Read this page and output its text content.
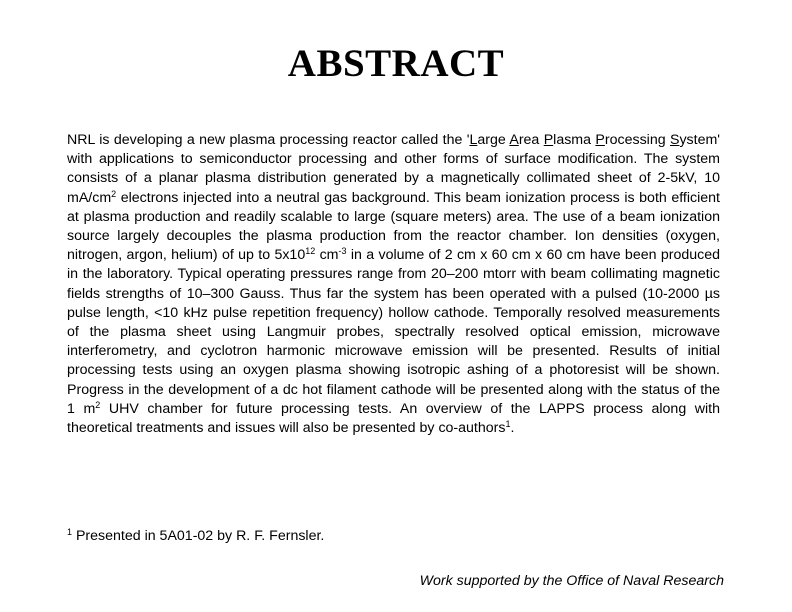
ABSTRACT
NRL is developing a new plasma processing reactor called the 'Large Area Plasma Processing System' with applications to semiconductor processing and other forms of surface modification. The system consists of a planar plasma distribution generated by a magnetically collimated sheet of 2-5kV, 10 $mA/cm^2$ electrons injected into a neutral gas background. This beam ionization process is both efficient at plasma production and readily scalable to large (square meters) area. The use of a beam ionization source largely decouples the plasma production from the reactor chamber. Ion densities (oxygen, nitrogen, argon, helium) of up to $5x10^{12}$ $cm^{-3}$ in a volume of 2 cm x 60 cm x 60 cm have been produced in the laboratory. Typical operating pressures range from 20–200 mtorr with beam collimating magnetic fields strengths of 10–300 Gauss. Thus far the system has been operated with a pulsed (10-2000 µs pulse length, <10 kHz pulse repetition frequency) hollow cathode. Temporally resolved measurements of the plasma sheet using Langmuir probes, spectrally resolved optical emission, microwave interferometry, and cyclotron harmonic microwave emission will be presented. Results of initial processing tests using an oxygen plasma showing isotropic ashing of a photoresist will be shown. Progress in the development of a dc hot filament cathode will be presented along with the status of the 1 $m^2$ UHV chamber for future processing tests. An overview of the LAPPS process along with theoretical treatments and issues will also be presented by co-authors$^1$.
$^1$ Presented in 5A01-02 by R. F. Fernsler.
Work supported by the Office of Naval Research
